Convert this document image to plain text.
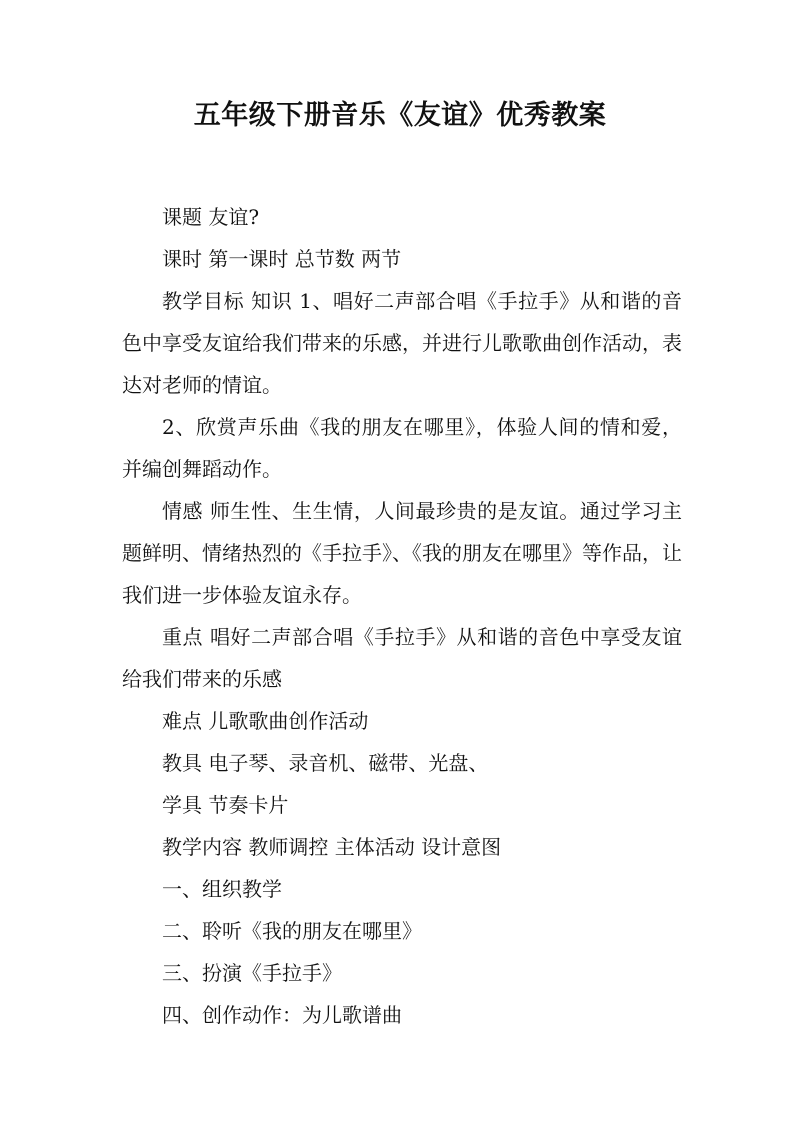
五年级下册音乐《友谊》优秀教案

课题 友谊?

课时 第一课时 总节数 两节

教学目标 知识 1、唱好二声部合唱《手拉手》从和谐的音色中享受友谊给我们带来的乐感，并进行儿歌歌曲创作活动，表达对老师的情谊。

2、欣赏声乐曲《我的朋友在哪里》，体验人间的情和爱，并编创舞蹈动作。

情感 师生性、生生情，人间最珍贵的是友谊。通过学习主题鲜明、情绪热烈的《手拉手》、《我的朋友在哪里》等作品，让我们进一步体验友谊永存。

重点 唱好二声部合唱《手拉手》从和谐的音色中享受友谊给我们带来的乐感

难点 儿歌歌曲创作活动

教具 电子琴、录音机、磁带、光盘、

学具 节奏卡片

教学内容 教师调控 主体活动 设计意图

一、组织教学

二、聆听《我的朋友在哪里》

三、扮演《手拉手》

四、创作动作：为儿歌谱曲
